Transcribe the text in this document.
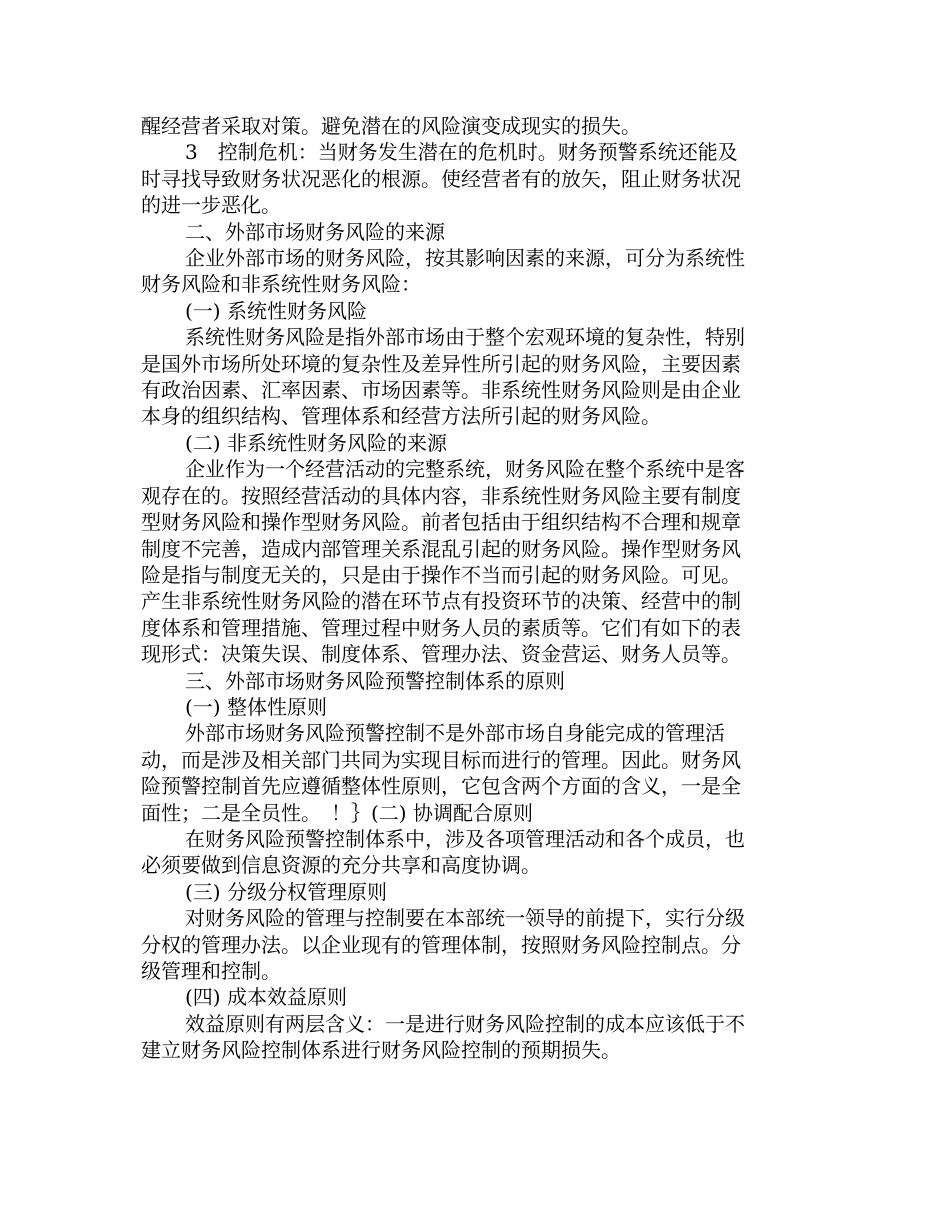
醒经营者采取对策。避免潜在的风险演变成现实的损失。

3　控制危机：当财务发生潜在的危机时。财务预警系统还能及时寻找导致财务状况恶化的根源。使经营者有的放矢，阻止财务状况的进一步恶化。

二、外部市场财务风险的来源

企业外部市场的财务风险，按其影响因素的来源，可分为系统性财务风险和非系统性财务风险：

(一) 系统性财务风险

系统性财务风险是指外部市场由于整个宏观环境的复杂性，特别是国外市场所处环境的复杂性及差异性所引起的财务风险，主要因素有政治因素、汇率因素、市场因素等。非系统性财务风险则是由企业本身的组织结构、管理体系和经营方法所引起的财务风险。

(二) 非系统性财务风险的来源

企业作为一个经营活动的完整系统，财务风险在整个系统中是客观存在的。按照经营活动的具体内容，非系统性财务风险主要有制度型财务风险和操作型财务风险。前者包括由于组织结构不合理和规章制度不完善，造成内部管理关系混乱引起的财务风险。操作型财务风险是指与制度无关的，只是由于操作不当而引起的财务风险。可见。产生非系统性财务风险的潜在环节点有投资环节的决策、经营中的制度体系和管理措施、管理过程中财务人员的素质等。它们有如下的表现形式：决策失误、制度体系、管理办法、资金营运、财务人员等。

三、外部市场财务风险预警控制体系的原则

(一) 整体性原则

外部市场财务风险预警控制不是外部市场自身能完成的管理活动，而是涉及相关部门共同为实现目标而进行的管理。因此。财务风险预警控制首先应遵循整体性原则，它包含两个方面的含义，一是全面性；二是全员性。　！｝(二) 协调配合原则

在财务风险预警控制体系中，涉及各项管理活动和各个成员，也必须要做到信息资源的充分共享和高度协调。

(三) 分级分权管理原则

对财务风险的管理与控制要在本部统一领导的前提下，实行分级分权的管理办法。以企业现有的管理体制，按照财务风险控制点。分级管理和控制。

(四) 成本效益原则

效益原则有两层含义：一是进行财务风险控制的成本应该低于不建立财务风险控制体系进行财务风险控制的预期损失。
